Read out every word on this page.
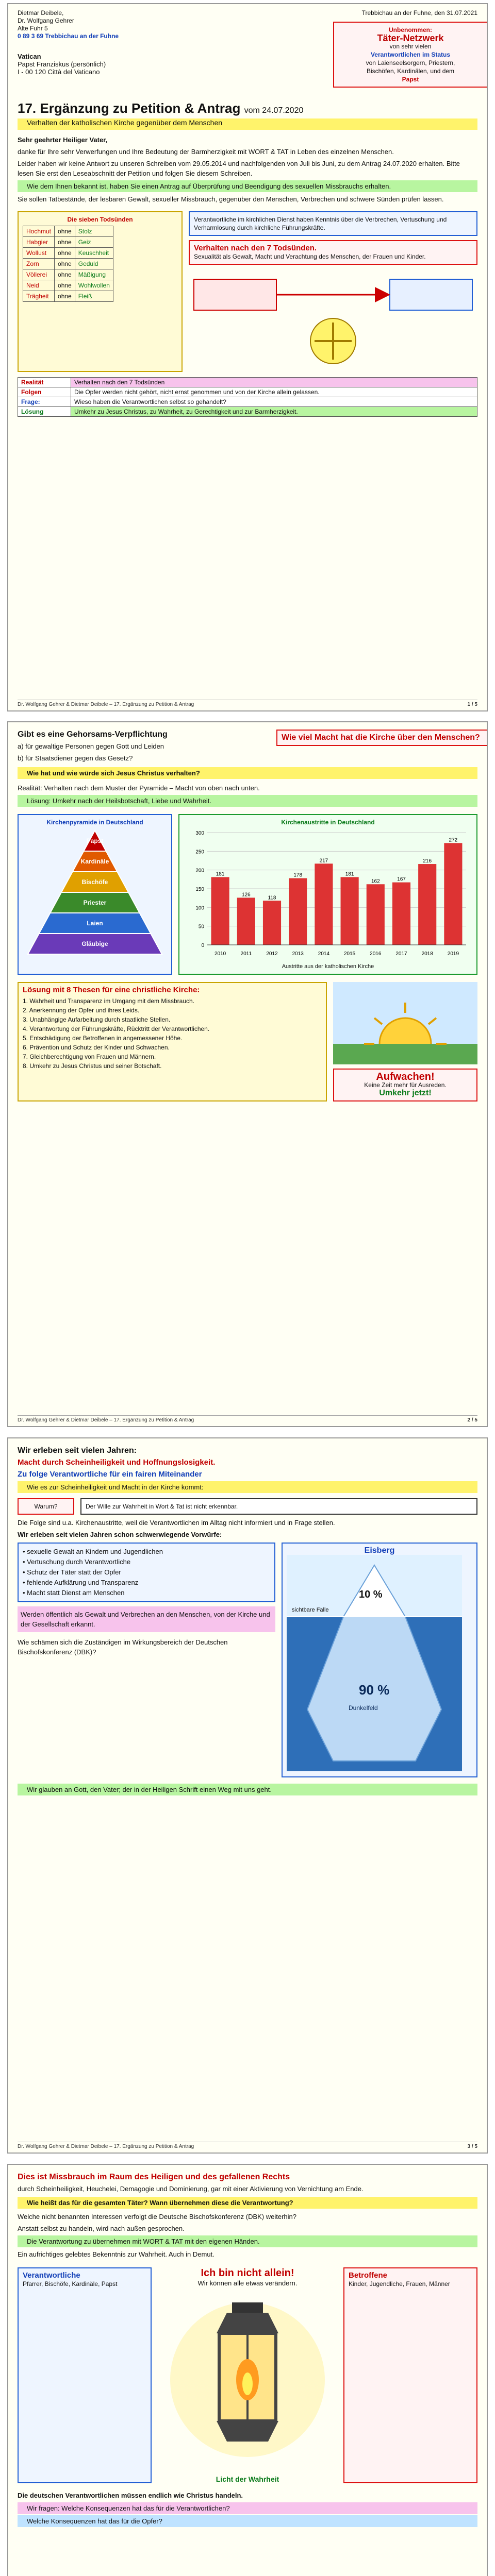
Dietmar Deibele,
Dr. Wolfgang Gehrer
Alte Fuhr 5
0 89 3 69 Trebbichau an der Fuhne
Trebbichau an der Fuhne, den 31.07.2021
Unbenommen:
Täter-Netzwerk
von sehr vielen
Verantwortlichen im Status
von Laienseelsorgern, Priestern,
Bischöfen, Kardinälen, und dem
Papst
Vatican
Papst Franziskus (persönlich)
I - 00 120 Città del Vaticano
17. Ergänzung zu Petition & Antrag vom 24.07.2020
Verhalten der katholischen Kirche gegenüber dem Menschen
Sehr geehrter Heiliger Vater,
danke für Ihre sehr Verwerfungen und Ihre Bedeutung der Barmherzigkeit mit WORT & TAT in Leben des einzelnen Menschen.
Leider haben wir keine Antwort zu unseren Schreiben vom 29.05.2014 und nachfolgenden von Juli bis Juni, zu dem Antrag 24.07.2020 erhalten. Bitte lesen Sie erst den Leseabschnitt der Petition und folgen Sie diesem Schreiben.
Wie dem Ihnen bekannt ist, haben Sie einen Antrag auf Überprüfung und Beendigung des sexuellen Missbrauchs erhalten.
Sie sollen Tatbestände, der lesbaren Gewalt, sexueller Missbrauch, gegenüber den Menschen, Verbrechen und schwere Sünden prüfen lassen.
Die sieben Todsünden
Hochmut	ohne	Stolz
Habgier	ohne	Geiz
Wollust	ohne	Keuschheit
Zorn	ohne	Geduld
Völlerei	ohne	Mäßigung
Neid	ohne	Wohlwollen
Trägheit	ohne	Fleiß
Verantwortliche im kirchlichen Dienst haben Kenntnis über die Verbrechen, Vertuschung und Verharmlosung durch kirchliche Führungskräfte.
Verhalten nach den 7 Todsünden.
Sexualität als Gewalt, Macht und Verachtung des Menschen, der Frauen und Kinder.
Realität	Verhalten nach den 7 Todsünden
Folgen	Die Opfer werden nicht gehört, nicht ernst genommen und von der Kirche allein gelassen.
Frage:	Wieso haben die Verantwortlichen selbst so gehandelt?
Lösung	Umkehr zu Jesus Christus, zu Wahrheit, zu Gerechtigkeit und zur Barmherzigkeit.
Dr. Wolfgang Gehrer & Dietmar Deibele – 17. Ergänzung zu Petition & Antrag	1 / 5
Gibt es eine Gehorsams-Verpflichtung
a) für gewaltige Personen gegen Gott und Leiden
b) für Staatsdiener gegen das Gesetz?
Wie viel Macht hat die Kirche über den Menschen?
Wie hat und wie würde sich Jesus Christus verhalten?
Realität: Verhalten nach dem Muster der Pyramide – Macht von oben nach unten.
Lösung: Umkehr nach der Heilsbotschaft, Liebe und Wahrheit.
Kirchenpyramide in Deutschland
Papst
Kardinäle
Bischöfe
Priester
Laien
Gläubige
Kirchenaustritte in Deutschland
0
50
100
150
200
250
300
181
2010
126
2011
118
2012
178
2013
217
2014
181
2015
162
2016
167
2017
216
2018
272
2019
Austritte aus der katholischen Kirche
Lösung mit 8 Thesen für eine christliche Kirche:
1. Wahrheit und Transparenz im Umgang mit dem Missbrauch.
2. Anerkennung der Opfer und ihres Leids.
3. Unabhängige Aufarbeitung durch staatliche Stellen.
4. Verantwortung der Führungskräfte, Rücktritt der Verantwortlichen.
5. Entschädigung der Betroffenen in angemessener Höhe.
6. Prävention und Schutz der Kinder und Schwachen.
7. Gleichberechtigung von Frauen und Männern.
8. Umkehr zu Jesus Christus und seiner Botschaft.
Aufwachen!
Keine Zeit mehr für Ausreden.
Umkehr jetzt!
Dr. Wolfgang Gehrer & Dietmar Deibele – 17. Ergänzung zu Petition & Antrag	2 / 5
Wir erleben seit vielen Jahren:
Macht durch Scheinheiligkeit und Hoffnungslosigkeit.
Zu folge Verantwortliche für ein fairen Miteinander
Wie es zur Scheinheiligkeit und Macht in der Kirche kommt:
Warum?	Der Wille zur Wahrheit in Wort & Tat ist nicht erkennbar.
Die Folge sind u.a. Kirchenaustritte, weil die Verantwortlichen im Alltag nicht informiert und in Frage stellen.
Wir erleben seit vielen Jahren schon schwerwiegende Vorwürfe:
• sexuelle Gewalt an Kindern und Jugendlichen
• Vertuschung durch Verantwortliche
• Schutz der Täter statt der Opfer
• fehlende Aufklärung und Transparenz
• Macht statt Dienst am Menschen
Werden öffentlich als Gewalt und Verbrechen an den Menschen, von der Kirche und der Gesellschaft erkannt.
Wie schämen sich die Zuständigen im Wirkungsbereich der Deutschen Bischofskonferenz (DBK)?
Eisberg
10 %
sichtbare Fälle
90 %
Dunkelfeld
Wir glauben an Gott, den Vater; der in der Heiligen Schrift einen Weg mit uns geht.
Dr. Wolfgang Gehrer & Dietmar Deibele – 17. Ergänzung zu Petition & Antrag	3 / 5
Dies ist Missbrauch im Raum des Heiligen und des gefallenen Rechts
durch Scheinheiligkeit, Heuchelei, Demagogie und Dominierung, gar mit einer Aktivierung von Vernichtung am Ende.
Wie heißt das für die gesamten Täter? Wann übernehmen diese die Verantwortung?
Welche nicht benannten Interessen verfolgt die Deutsche Bischofskonferenz (DBK) weiterhin?
Anstatt selbst zu handeln, wird nach außen gesprochen.
Die Verantwortung zu übernehmen mit WORT & TAT mit den eigenen Händen.
Ein aufrichtiges gelebtes Bekenntnis zur Wahrheit. Auch in Demut.
Verantwortliche
Pfarrer, Bischöfe, Kardinäle, Papst
Ich bin nicht allein!
Wir können alle etwas verändern.
Licht der Wahrheit
Betroffene
Kinder, Jugendliche, Frauen, Männer
Die deutschen Verantwortlichen müssen endlich wie Christus handeln.
Wir fragen: Welche Konsequenzen hat das für die Verantwortlichen?
Welche Konsequenzen hat das für die Opfer?
